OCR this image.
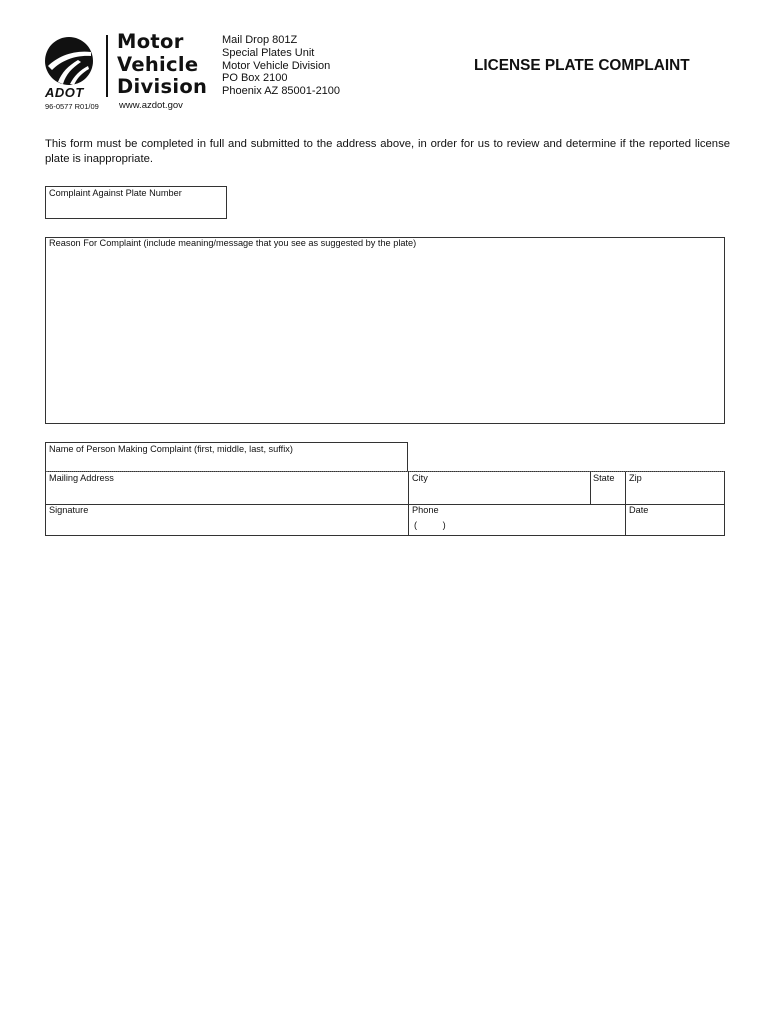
ADOT
Motor
Vehicle
Division
96-0577 R01/09 www.azdot.gov
Mail Drop 801Z
Special Plates Unit
Motor Vehicle Division
PO Box 2100
Phoenix AZ 85001-2100
LICENSE PLATE COMPLAINT
This form must be completed in full and submitted to the address above, in order for us to review and determine if the reported license plate is inappropriate.
Complaint Against Plate Number
Reason For Complaint (include meaning/message that you see as suggested by the plate)
Name of Person Making Complaint (first, middle, last, suffix)
Mailing Address	City	State Zip
Signature	Phone
(          )
Date
